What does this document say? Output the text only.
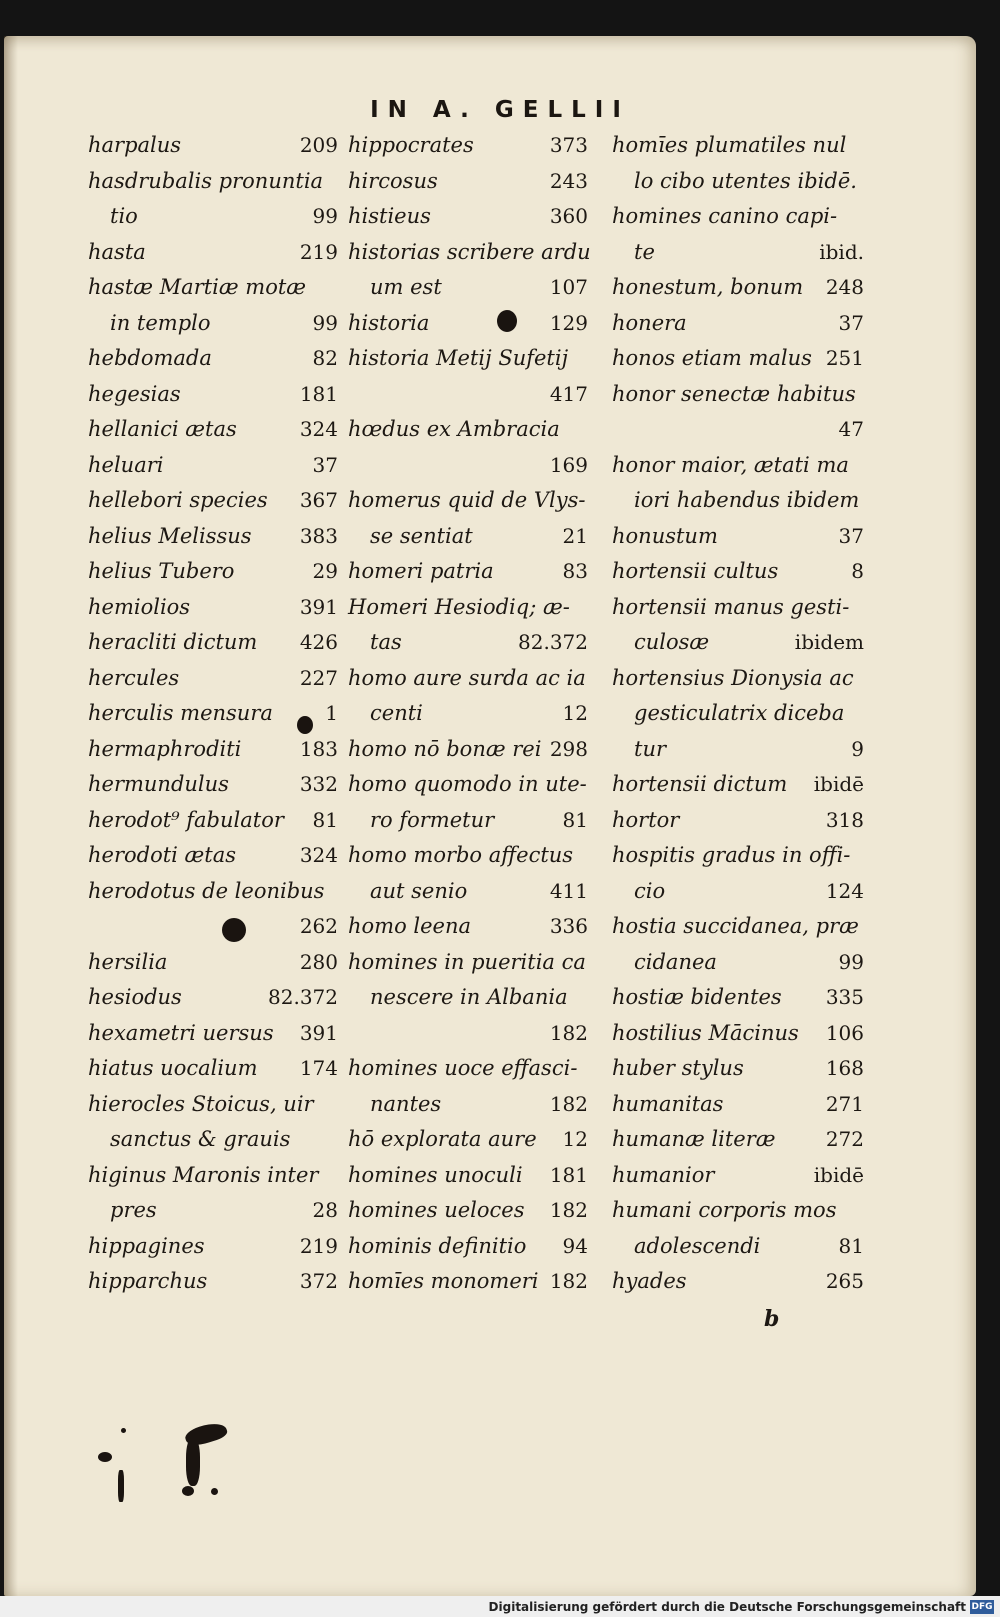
IN A. GELLII
harpalus	209
hasdrubalis pronuntia
tio	99
hasta	219
hastæ Martiæ motæ
in templo	99
hebdomada	82
hegesias	181
hellanici ætas	324
heluari	37
hellebori species 367
helius Melissus 383
helius Tubero	29
hemiolios	391
heracliti dictum 426
hercules	227
herculis mensura	1
hermaphroditi	183
hermundulus	332
herodot⁹ fabulator 81
herodoti ætas	324
herodotus de leonibus
262
hersilia	280
hesiodus	82.372
hexametri uersus 391
hiatus uocalium 174
hierocles Stoicus, uir
sanctus & grauis
higinus Maronis inter
pres	28
hippagines	219
hipparchus	372
hippocrates	373
hircosus	243
histieus	360
historias scribere ardu
um est	107
historia	129
historia Metij Sufetij
417
hœdus ex Ambracia
169
homerus quid de Vlys-
se sentiat	21
homeri patria	83
Homeri Hesiodiq; æ-
tas	82.372
homo aure surda ac ia
centi	12
homo nō bonæ rei 298
homo quomodo in ute-
ro formetur	81
homo morbo affectus
aut senio	411
homo leena	336
homines in pueritia ca
nescere in Albania
182
homines uoce effasci-
nantes	182
hō explorata aure 12
homines unoculi 181
homines ueloces 182
hominis definitio 94
homīes monomeri 182
homīes plumatiles nul
lo cibo utentes ibidē.
homines canino capi-
te	ibid.
honestum, bonum 248
honera	37
honos etiam malus 251
honor senectæ habitus
47
honor maior, ætati ma
iori habendus ibidem
honustum	37
hortensii cultus	8
hortensii manus gesti-
culosæ	ibidem
hortensius Dionysia ac
gesticulatrix diceba
tur	9
hortensii dictum ibidē
hortor	318
hospitis gradus in offi-
cio	124
hostia succidanea, præ
cidanea	99
hostiæ bidentes 335
hostilius Mācinus 106
huber stylus	168
humanitas	271
humanæ literæ	272
humanior	ibidē
humani corporis mos
adolescendi	81
hyades	265
b
Digitalisierung gefördert durch die Deutsche Forschungsgemeinschaft DFG
